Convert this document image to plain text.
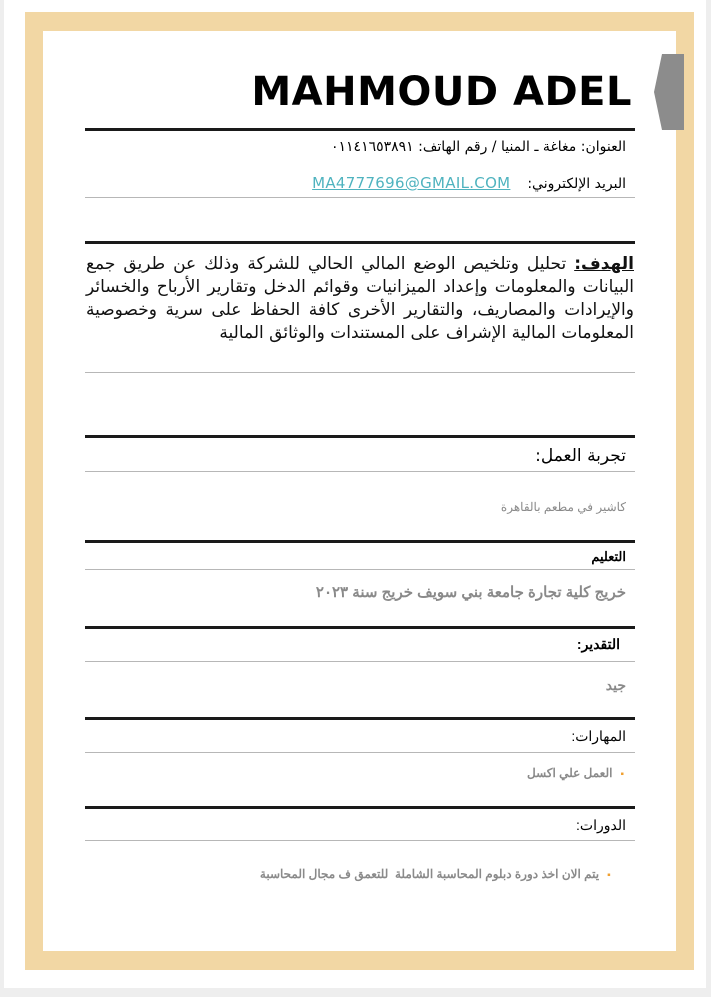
MAHMOUD ADEL
العنوان: مغاغة ـ المنيا / رقم الهاتف: ٠١١٤١٦٥٣٨٩١
البريد الإلكتروني:  MA4777696@GMAIL.COM
الهدف: تحليل وتلخيص الوضع المالي الحالي للشركة وذلك عن طريق جمع البيانات والمعلومات وإعداد الميزانيات وقوائم الدخل وتقارير الأرباح والخسائر والإيرادات والمصاريف، والتقارير الأخرى كافة الحفاظ على سرية وخصوصية المعلومات المالية الإشراف على المستندات والوثائق المالية
تجربة العمل:
كاشير في مطعم بالقاهرة
التعليم
خريج كلية تجارة جامعة بني سويف خريج سنة ٢٠٢٣
التقدير:
جيد
المهارات:
▪العمل علي اكسل
الدورات:

▪يتم الان اخذ دورة دبلوم المحاسبة الشاملة  للتعمق ف مجال المحاسبة
